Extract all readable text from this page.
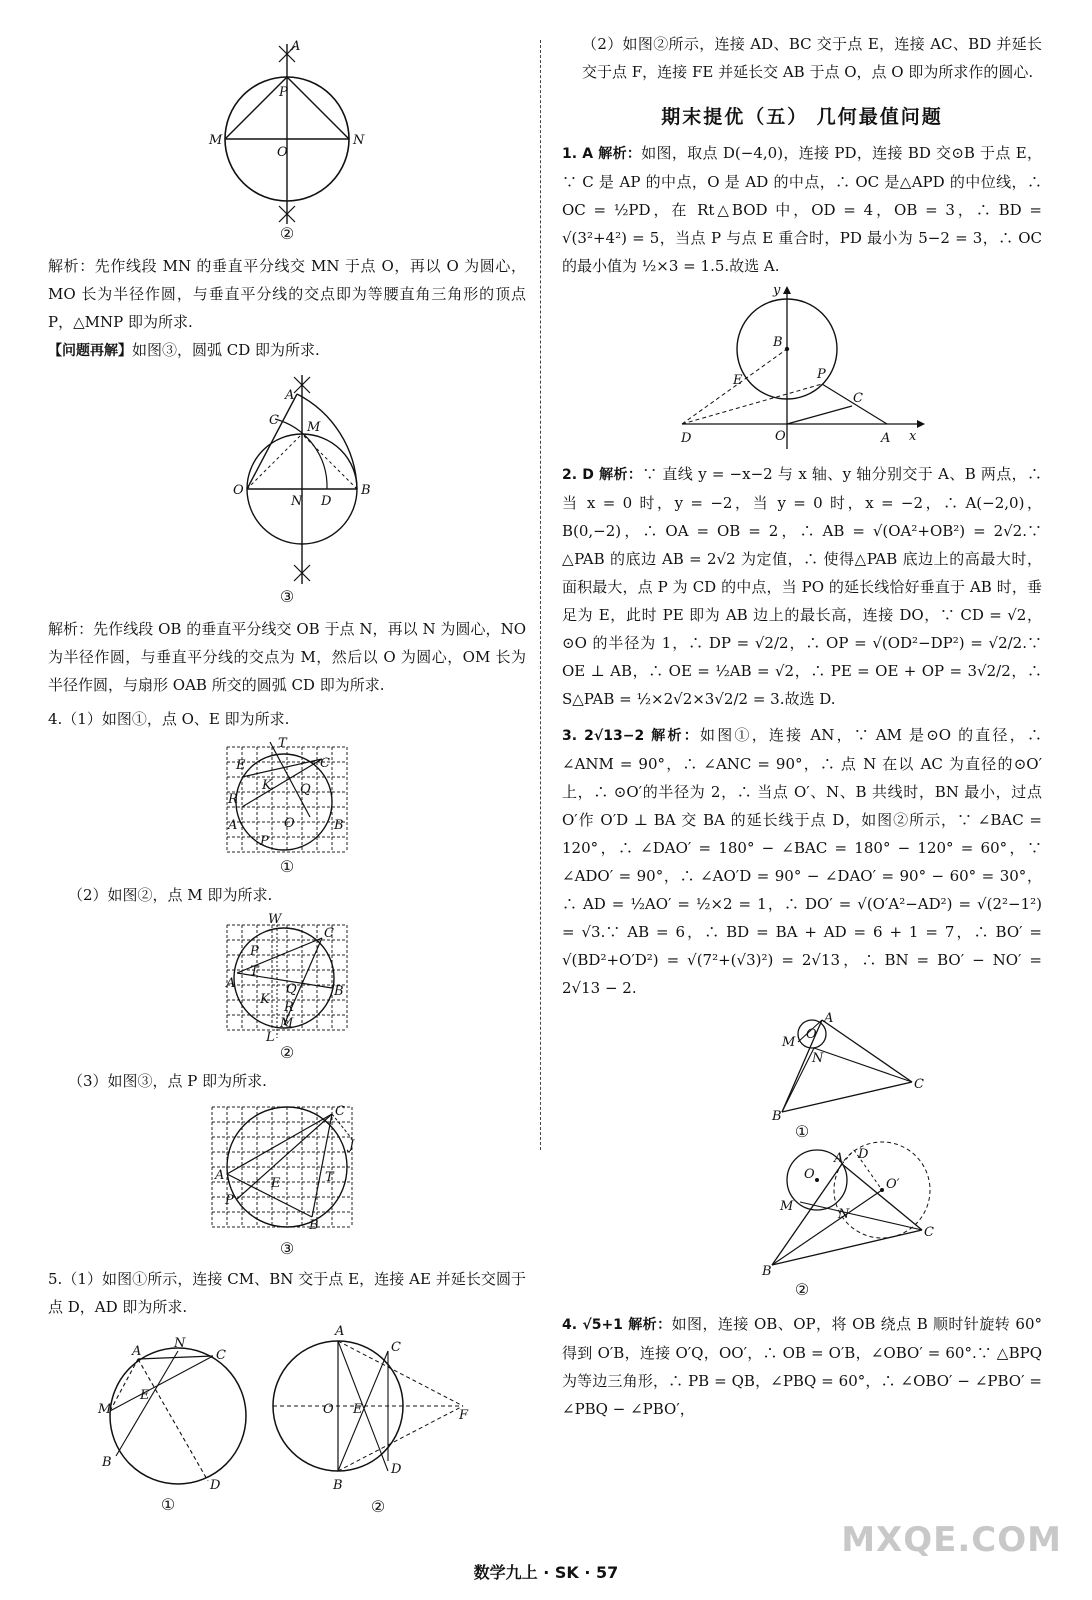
A
P
M
O
N
②

解析：先作线段 MN 的垂直平分线交 MN 于点 O，再以 O 为圆心，MO 长为半径作圆，与垂直平分线的交点即为等腰直角三角形的顶点 P，△MNP 即为所求.

【问题再解】如图③，圆弧 CD 即为所求.

A
C M
O
N D
B
③

解析：先作线段 OB 的垂直平分线交 OB 于点 N，再以 N 为圆心，NO 为半径作圆，与垂直平分线的交点为 M，然后以 O 为圆心，OM 长为半径作圆，与扇形 OAB 所交的圆弧 CD 即为所求.

4.（1）如图①，点 O、E 即为所求.

T
E	C
K Q
R
A	O	B
P
①

（2）如图②，点 M 即为所求.

W
C
P
T
A
B
K
Q
R
M
L
②

（3）如图③，点 P 即为所求.

C
J
A
E	T
P
B
③

5.（1）如图①所示，连接 CM、BN 交于点 E，连接 AE 并延长交圆于点 D，AD 即为所求.

A
N
C
M
E
B
D
①
A
C
O E	F
D
B
②

（2）如图②所示，连接 AD、BC 交于点 E，连接 AC、BD 并延长交于点 F，连接 FE 并延长交 AB 于点 O，点 O 即为所求作的圆心.

期末提优（五） 几何最值问题

1. A 解析：如图，取点 D(−4,0)，连接 PD，连接 BD 交⊙B 于点 E，∵ C 是 AP 的中点，O 是 AD 的中点，∴ OC 是△APD 的中位线，∴ OC = ½PD，在 Rt△BOD 中，OD = 4，OB = 3，∴ BD = √(3²+4²) = 5，当点 P 与点 E 重合时，PD 最小为 5−2 = 3，∴ OC 的最小值为 ½×3 = 1.5.故选 A.

y
B
E	P
C
D	O	A x

2. D 解析：∵ 直线 y = −x−2 与 x 轴、y 轴分别交于 A、B 两点，∴ 当 x = 0 时，y = −2，当 y = 0 时，x = −2，∴ A(−2,0)，B(0,−2)，∴ OA = OB = 2，∴ AB = √(OA²+OB²) = 2√2.∵ △PAB 的底边 AB = 2√2 为定值，∴ 使得△PAB 底边上的高最大时，面积最大，点 P 为 CD 的中点，当 PO 的延长线恰好垂直于 AB 时，垂足为 E，此时 PE 即为 AB 边上的最长高，连接 DO，∵ CD = √2，⊙O 的半径为 1，∴ DP = √2/2，∴ OP = √(OD²−DP²) = √2/2.∵ OE ⊥ AB，∴ OE = ½AB = √2，∴ PE = OE + OP = 3√2/2，∴ S△PAB = ½×2√2×3√2/2 = 3.故选 D.

3. 2√13−2 解析：如图①，连接 AN，∵ AM 是⊙O 的直径，∴ ∠ANM = 90°，∴ ∠ANC = 90°，∴ 点 N 在以 AC 为直径的⊙O′上，∴ ⊙O′的半径为 2，∴ 当点 O′、N、B 共线时，BN 最小，过点 O′作 O′D ⊥ BA 交 BA 的延长线于点 D，如图②所示，∵ ∠BAC = 120°，∴ ∠DAO′ = 180° − ∠BAC = 180° − 120° = 60°，∵ ∠ADO′ = 90°，∴ ∠AO′D = 90° − ∠DAO′ = 90° − 60° = 30°，∴ AD = ½AO′ = ½×2 = 1，∴ DO′ = √(O′A²−AD²) = √(2²−1²) = √3.∵ AB = 6，∴ BD = BA + AD = 6 + 1 = 7，∴ BO′ = √(BD²+O′D²) = √(7²+(√3)²) = 2√13，∴ BN = BO′ − NO′ = 2√13 − 2.

M
O
A
N
C
B
①
A D
O
O′
M
N
C
B
②

4. √5+1 解析：如图，连接 OB、OP，将 OB 绕点 B 顺时针旋转 60°得到 O′B，连接 O′Q，OO′，∴ OB = O′B，∠OBO′ = 60°.∵ △BPQ 为等边三角形，∴ PB = QB，∠PBQ = 60°，∴ ∠OBO′ − ∠PBO′ = ∠PBQ − ∠PBO′，

MXQE.COM
数学九上 · SK · 57
